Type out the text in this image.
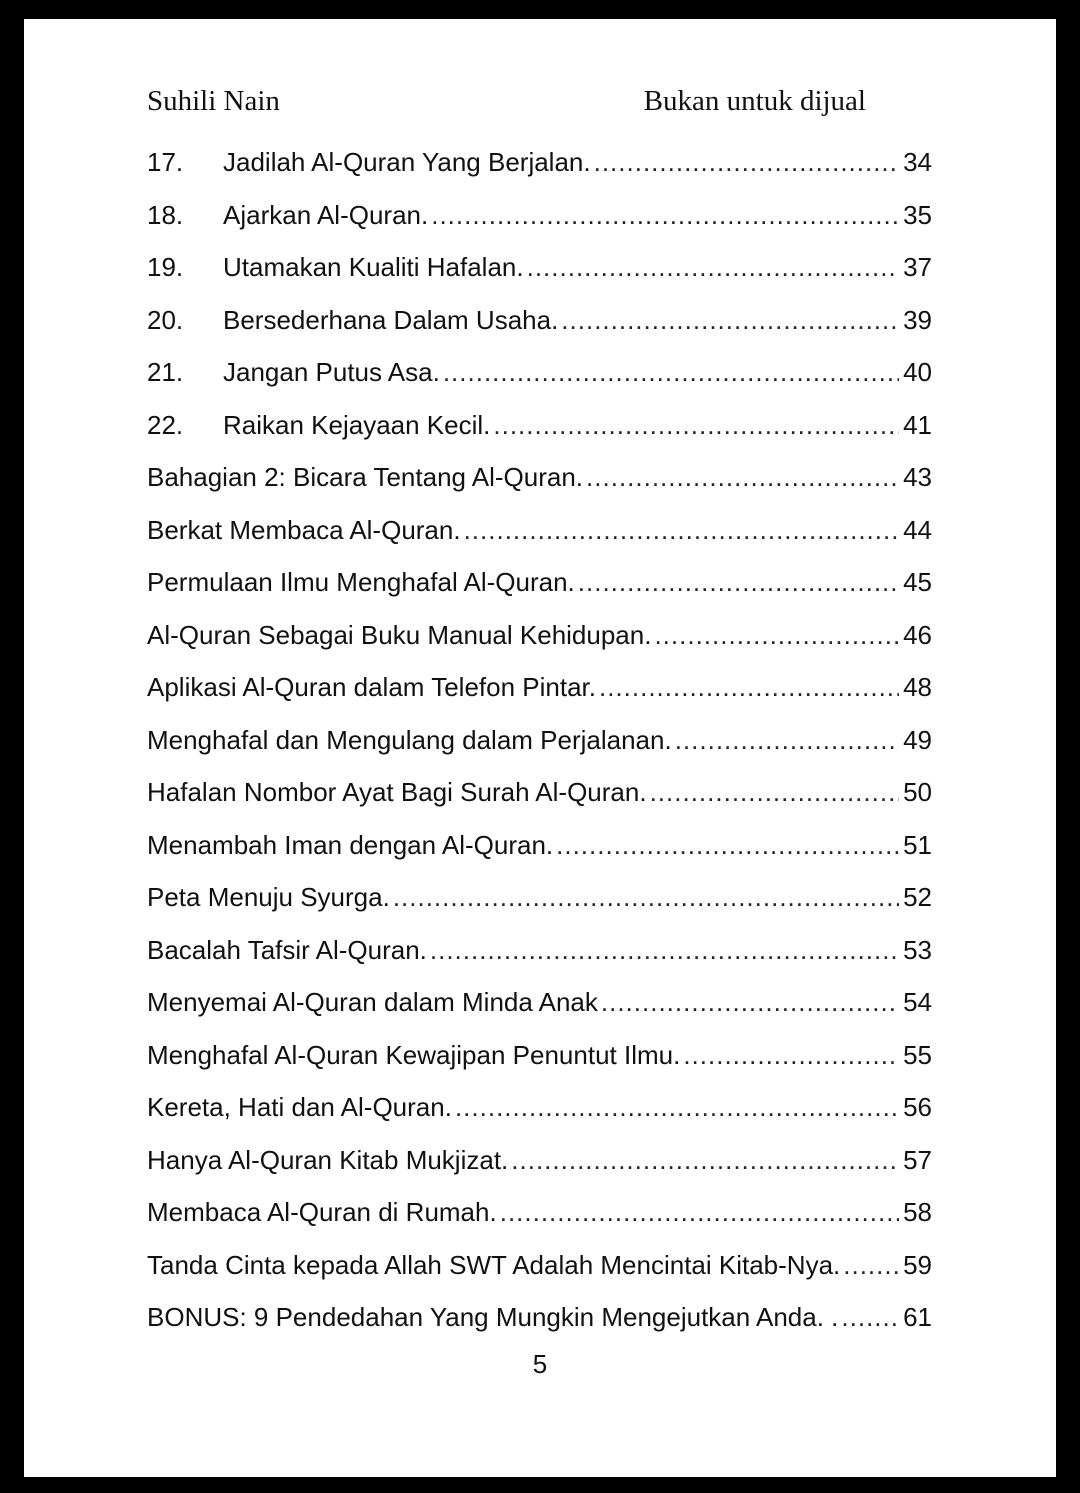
Suhili Nain	Bukan untuk dijual
17.	Jadilah Al-Quran Yang Berjalan. .....	34
18.	Ajarkan Al-Quran. .....	35
19.	Utamakan Kualiti Hafalan. .....	37
20.	Bersederhana Dalam Usaha. .....	39
21.	Jangan Putus Asa. .....	40
22.	Raikan Kejayaan Kecil. .....	41
Bahagian 2: Bicara Tentang Al-Quran. .....	43
Berkat Membaca Al-Quran. .....	44
Permulaan Ilmu Menghafal Al-Quran. .....	45
Al-Quran Sebagai Buku Manual Kehidupan. .....	46
Aplikasi Al-Quran dalam Telefon Pintar. .....	48
Menghafal dan Mengulang dalam Perjalanan. .....	49
Hafalan Nombor Ayat Bagi Surah Al-Quran. .....	50
Menambah Iman dengan Al-Quran. .....	51
Peta Menuju Syurga. .....	52
Bacalah Tafsir Al-Quran. .....	53
Menyemai Al-Quran dalam Minda Anak .....	54
Menghafal Al-Quran Kewajipan Penuntut Ilmu. .....	55
Kereta, Hati dan Al-Quran. .....	56
Hanya Al-Quran Kitab Mukjizat. .....	57
Membaca Al-Quran di Rumah. .....	58
Tanda Cinta kepada Allah SWT Adalah Mencintai Kitab-Nya. ..... 59
BONUS: 9 Pendedahan Yang Mungkin Mengejutkan Anda. . ..... 61
5
